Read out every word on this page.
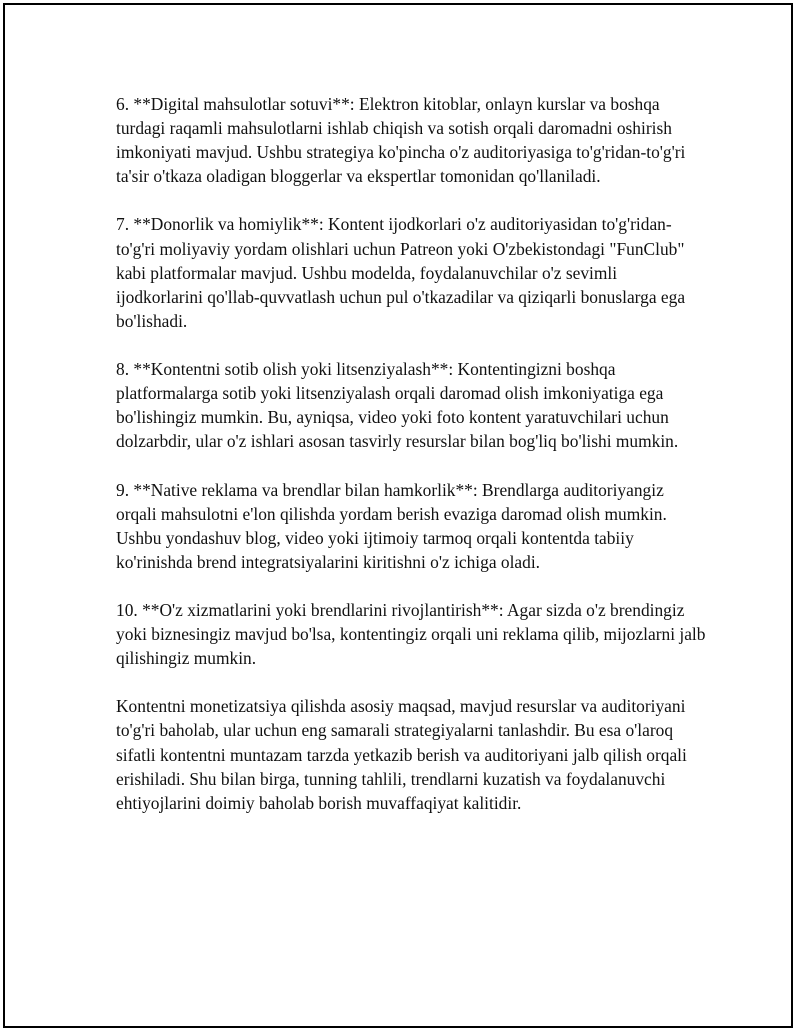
6. **Digital mahsulotlar sotuvi**: Elektron kitoblar, onlayn kurslar va boshqa turdagi raqamli mahsulotlarni ishlab chiqish va sotish orqali daromadni oshirish imkoniyati mavjud. Ushbu strategiya ko'pincha o'z auditoriyasiga to'g'ridan-to'g'ri ta'sir o'tkaza oladigan bloggerlar va ekspertlar tomonidan qo'llaniladi.

7. **Donorlik va homiylik**: Kontent ijodkorlari o'z auditoriyasidan to'g'ridan-to'g'ri moliyaviy yordam olishlari uchun Patreon yoki O'zbekistondagi "FunClub" kabi platformalar mavjud. Ushbu modelda, foydalanuvchilar o'z sevimli ijodkorlarini qo'llab-quvvatlash uchun pul o'tkazadilar va qiziqarli bonuslarga ega bo'lishadi.

8. **Kontentni sotib olish yoki litsenziyalash**: Kontentingizni boshqa platformalarga sotib yoki litsenziyalash orqali daromad olish imkoniyatiga ega bo'lishingiz mumkin. Bu, ayniqsa, video yoki foto kontent yaratuvchilari uchun dolzarbdir, ular o'z ishlari asosan tasvirly resurslar bilan bog'liq bo'lishi mumkin.

9. **Native reklama va brendlar bilan hamkorlik**: Brendlarga auditoriyangiz orqali mahsulotni e'lon qilishda yordam berish evaziga daromad olish mumkin. Ushbu yondashuv blog, video yoki ijtimoiy tarmoq orqali kontentda tabiiy ko'rinishda brend integratsiyalarini kiritishni o'z ichiga oladi.

10. **O'z xizmatlarini yoki brendlarini rivojlantirish**: Agar sizda o'z brendingiz yoki biznesingiz mavjud bo'lsa, kontentingiz orqali uni reklama qilib, mijozlarni jalb qilishingiz mumkin.

Kontentni monetizatsiya qilishda asosiy maqsad, mavjud resurslar va auditoriyani to'g'ri baholab, ular uchun eng samarali strategiyalarni tanlashdir. Bu esa o'laroq sifatli kontentni muntazam tarzda yetkazib berish va auditoriyani jalb qilish orqali erishiladi. Shu bilan birga, tunning tahlili, trendlarni kuzatish va foydalanuvchi ehtiyojlarini doimiy baholab borish muvaffaqiyat kalitidir.
